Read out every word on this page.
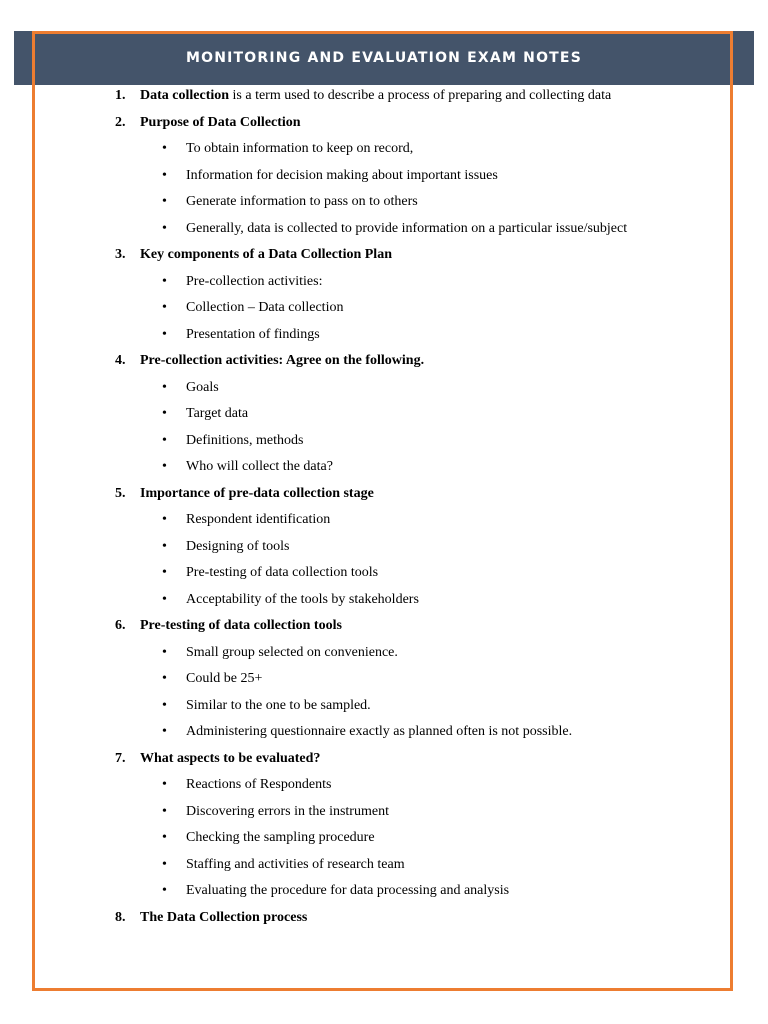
MONITORING AND EVALUATION EXAM NOTES
1. Data collection is a term used to describe a process of preparing and collecting data
2. Purpose of Data Collection
• To obtain information to keep on record,
• Information for decision making about important issues
• Generate information to pass on to others
• Generally, data is collected to provide information on a particular issue/subject
3. Key components of a Data Collection Plan
• Pre-collection activities:
• Collection – Data collection
• Presentation of findings
4. Pre-collection activities: Agree on the following.
• Goals
• Target data
• Definitions, methods
• Who will collect the data?
5. Importance of pre-data collection stage
• Respondent identification
• Designing of tools
• Pre-testing of data collection tools
• Acceptability of the tools by stakeholders
6. Pre-testing of data collection tools
• Small group selected on convenience.
• Could be 25+
• Similar to the one to be sampled.
• Administering questionnaire exactly as planned often is not possible.
7. What aspects to be evaluated?
• Reactions of Respondents
• Discovering errors in the instrument
• Checking the sampling procedure
• Staffing and activities of research team
• Evaluating the procedure for data processing and analysis
8. The Data Collection process
